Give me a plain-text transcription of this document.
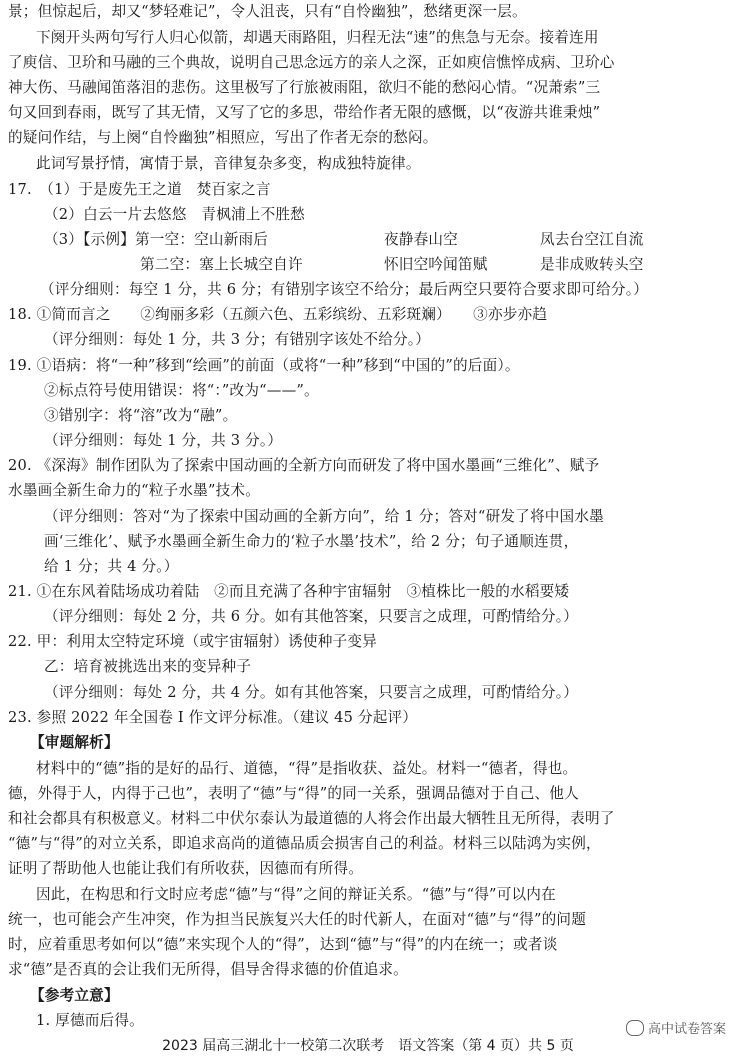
景；但惊起后，却又“梦轻难记”，令人沮丧，只有“自怜幽独”，愁绪更深一层。
下阕开头两句写行人归心似箭，却遇天雨路阻，归程无法“速”的焦急与无奈。接着连用
了庾信、卫玠和马融的三个典故，说明自己思念远方的亲人之深，正如庾信憔悴成病、卫玠心
神大伤、马融闻笛落泪的悲伤。这里极写了行旅被雨阻，欲归不能的愁闷心情。“况萧索”三
句又回到春雨，既写了其无情，又写了它的多思，带给作者无限的感慨，以“夜游共谁秉烛”
的疑问作结，与上阕“自怜幽独”相照应，写出了作者无奈的愁闷。
此词写景抒情，寓情于景，音律复杂多变，构成独特旋律。
17.　（1）于是废先王之道　焚百家之言
（2）白云一片去悠悠　青枫浦上不胜愁
（3）【示例】第一空：空山新雨后	夜静春山空	凤去台空江自流
第二空：塞上长城空自许	怀旧空吟闻笛赋	是非成败转头空
（评分细则：每空 1 分，共 6 分；有错别字该空不给分；最后两空只要符合要求即可给分。）
18. ①简而言之　　②绚丽多彩（五颜六色、五彩缤纷、五彩斑斓）　　③亦步亦趋
（评分细则：每处 1 分，共 3 分；有错别字该处不给分。）
19. ①语病：将“一种”移到“绘画”的前面（或将“一种”移到“中国的”的后面）。
②标点符号使用错误：将“：”改为“——”。
③错别字：将“溶”改为“融”。
（评分细则：每处 1 分，共 3 分。）
20. 《深海》制作团队为了探索中国动画的全新方向而研发了将中国水墨画“三维化”、赋予
水墨画全新生命力的“粒子水墨”技术。
（评分细则：答对“为了探索中国动画的全新方向”，给 1 分；答对“研发了将中国水墨
画‘三维化’、赋予水墨画全新生命力的‘粒子水墨’技术”，给 2 分；句子通顺连贯，
给 1 分；共 4 分。）
21. ①在东风着陆场成功着陆　②而且充满了各种宇宙辐射　③植株比一般的水稻要矮
（评分细则：每处 2 分，共 6 分。如有其他答案，只要言之成理，可酌情给分。）
22. 甲：利用太空特定环境（或宇宙辐射）诱使种子变异
乙：培育被挑选出来的变异种子
（评分细则：每处 2 分，共 4 分。如有其他答案，只要言之成理，可酌情给分。）
23. 参照 2022 年全国卷 I 作文评分标准。（建议 45 分起评）
【审题解析】
材料中的“德”指的是好的品行、道德，“得”是指收获、益处。材料一“德者，得也。
德，外得于人，内得于己也”，表明了“德”与“得”的同一关系，强调品德对于自己、他人
和社会都具有积极意义。材料二中伏尔泰认为最道德的人将会作出最大牺牲且无所得，表明了
“德”与“得”的对立关系，即追求高尚的道德品质会损害自己的利益。材料三以陆鸿为实例，
证明了帮助他人也能让我们有所收获，因德而有所得。
因此，在构思和行文时应考虑“德”与“得”之间的辩证关系。“德”与“得”可以内在
统一，也可能会产生冲突，作为担当民族复兴大任的时代新人，在面对“德”与“得”的问题
时，应着重思考如何以“德”来实现个人的“得”，达到“德”与“得”的内在统一；或者谈
求“德”是否真的会让我们无所得，倡导舍得求德的价值追求。
【参考立意】
1. 厚德而后得。
高中试卷答案
2023 届高三湖北十一校第二次联考　语文答案（第 4 页）共 5 页
